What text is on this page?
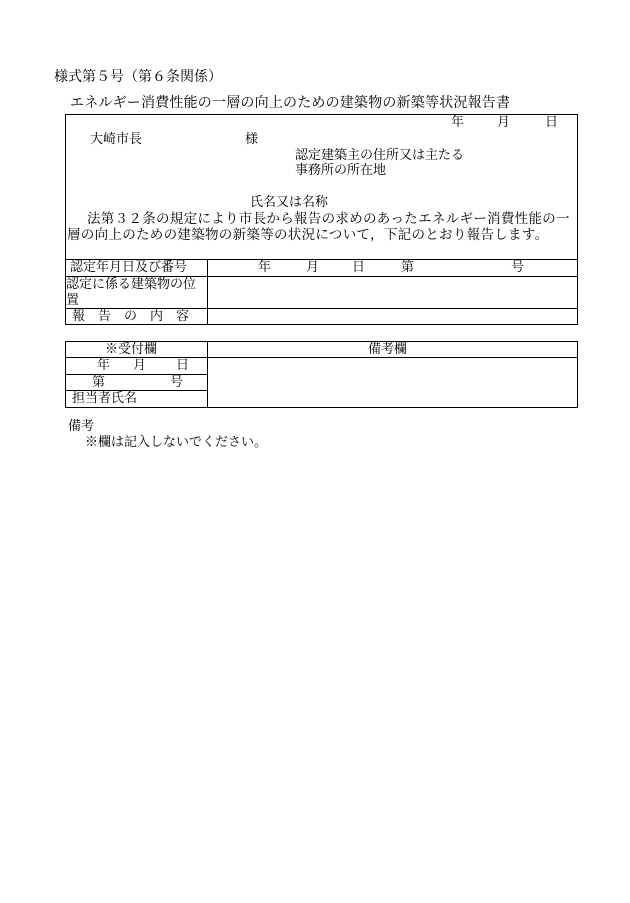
様式第５号（第６条関係）
エネルギー消費性能の一層の向上のための建築物の新築等状況報告書
年	月	日
大崎市長	様
認定建築主の住所又は主たる
事務所の所在地
氏名又は名称
法第３２条の規定により市長から報告の求めのあったエネルギー消費性能の一層の向上のための建築物の新築等の状況について，下記のとおり報告します。
認定年月日及び番号	年	月	日	第	号
認定に係る建築物の位置
報　告　の　内　容
※受付欄	備考欄
年 月 日
第	号
担当者氏名
備考
※欄は記入しないでください。
